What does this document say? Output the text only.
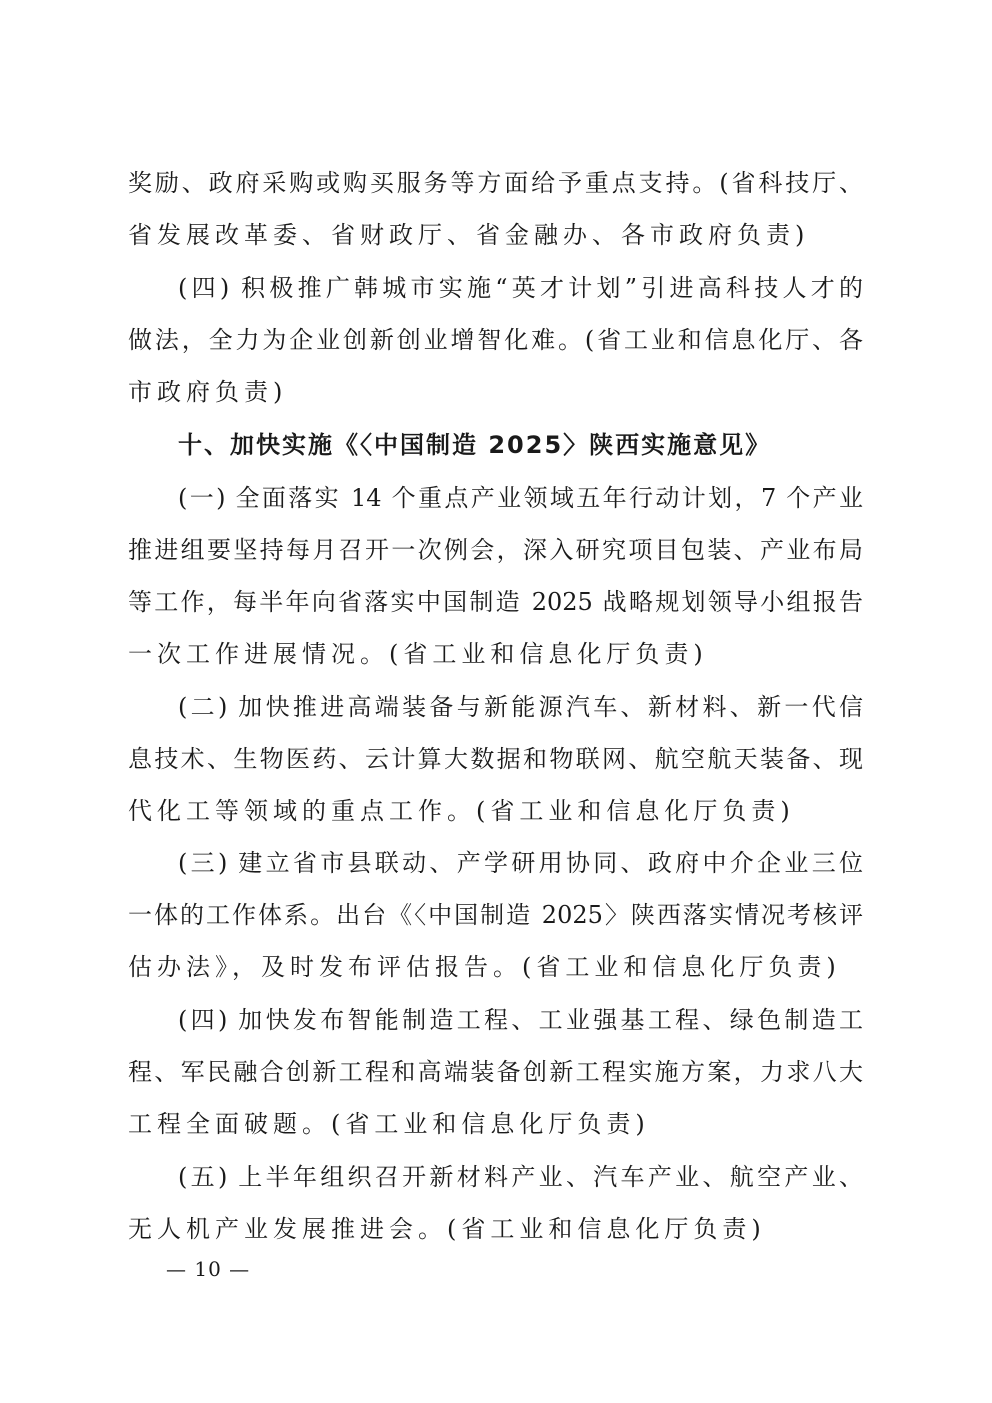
奖励、政府采购或购买服务等方面给予重点支持。(省科技厅、
省发展改革委、省财政厅、省金融办、各市政府负责)
(四) 积极推广韩城市实施“英才计划”引进高科技人才的
做法，全力为企业创新创业增智化难。(省工业和信息化厅、各
市政府负责)
十、加快实施《〈中国制造 2025〉陕西实施意见》
(一) 全面落实 14 个重点产业领域五年行动计划，7 个产业
推进组要坚持每月召开一次例会，深入研究项目包装、产业布局
等工作，每半年向省落实中国制造 2025 战略规划领导小组报告
一次工作进展情况。(省工业和信息化厅负责)
(二) 加快推进高端装备与新能源汽车、新材料、新一代信
息技术、生物医药、云计算大数据和物联网、航空航天装备、现
代化工等领域的重点工作。(省工业和信息化厅负责)
(三) 建立省市县联动、产学研用协同、政府中介企业三位
一体的工作体系。出台《〈中国制造 2025〉陕西落实情况考核评
估办法》，及时发布评估报告。(省工业和信息化厅负责)
(四) 加快发布智能制造工程、工业强基工程、绿色制造工
程、军民融合创新工程和高端装备创新工程实施方案，力求八大
工程全面破题。(省工业和信息化厅负责)
(五) 上半年组织召开新材料产业、汽车产业、航空产业、
无人机产业发展推进会。(省工业和信息化厅负责)
— 10 —
